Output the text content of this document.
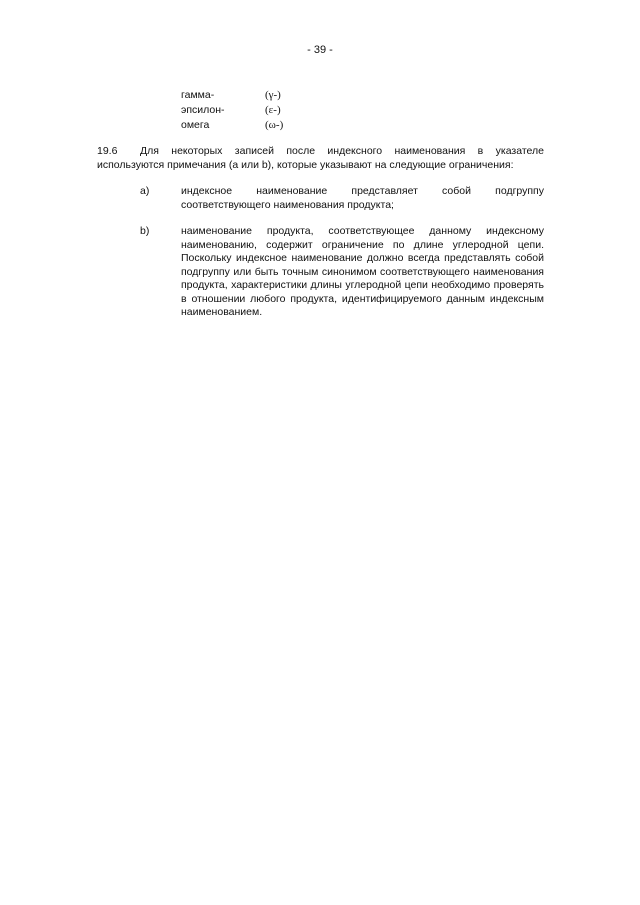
- 39 -
гамма-	(γ-)
эпсилон-	(ε-)
омега	(ω-)
19.6 Для некоторых записей после индексного наименования в указателе используются примечания (a или b), которые указывают на следующие ограничения:
a)	индексное наименование представляет собой подгруппу соответствующего наименования продукта;
b)	наименование продукта, соответствующее данному индексному наименованию, содержит ограничение по длине углеродной цепи. Поскольку индексное наименование должно всегда представлять собой подгруппу или быть точным синонимом соответствующего наименования продукта, характеристики длины углеродной цепи необходимо проверять в отношении любого продукта, идентифицируемого данным индексным наименованием.
